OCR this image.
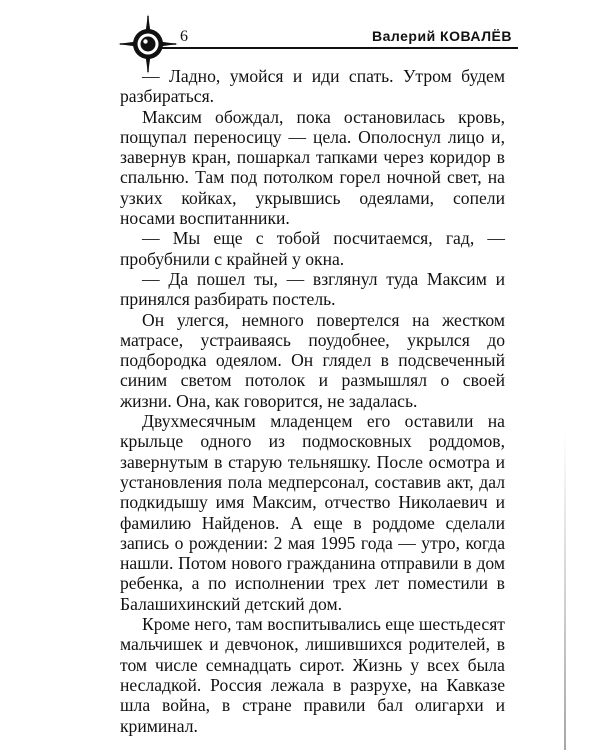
6	Валерий КОВАЛЁВ

— Ладно, умойся и иди спать. Утром будем разбираться.

Максим обождал, пока остановилась кровь, пощупал переносицу — цела. Ополоснул лицо и, завернув кран, пошаркал тапками через коридор в спальню. Там под потолком горел ночной свет, на узких койках, укрывшись одеялами, сопели носами воспитанники.

— Мы еще с тобой посчитаемся, гад, — пробубнили с крайней у окна.

— Да пошел ты, — взглянул туда Максим и принялся разбирать постель.

Он улегся, немного повертелся на жестком матрасе, устраиваясь поудобнее, укрылся до подбородка одеялом. Он глядел в подсвеченный синим светом потолок и размышлял о своей жизни. Она, как говорится, не задалась.

Двухмесячным младенцем его оставили на крыльце одного из подмосковных роддомов, завернутым в старую тельняшку. После осмотра и установления пола медперсонал, составив акт, дал подкидышу имя Максим, отчество Николаевич и фамилию Найденов. А еще в роддоме сделали запись о рождении: 2 мая 1995 года — утро, когда нашли. Потом нового гражданина отправили в дом ребенка, а по исполнении трех лет поместили в Балашихинский детский дом.

Кроме него, там воспитывались еще шестьдесят мальчишек и девчонок, лишившихся родителей, в том числе семнадцать сирот. Жизнь у всех была несладкой. Россия лежала в разрухе, на Кавказе шла война, в стране правили бал олигархи и криминал.
